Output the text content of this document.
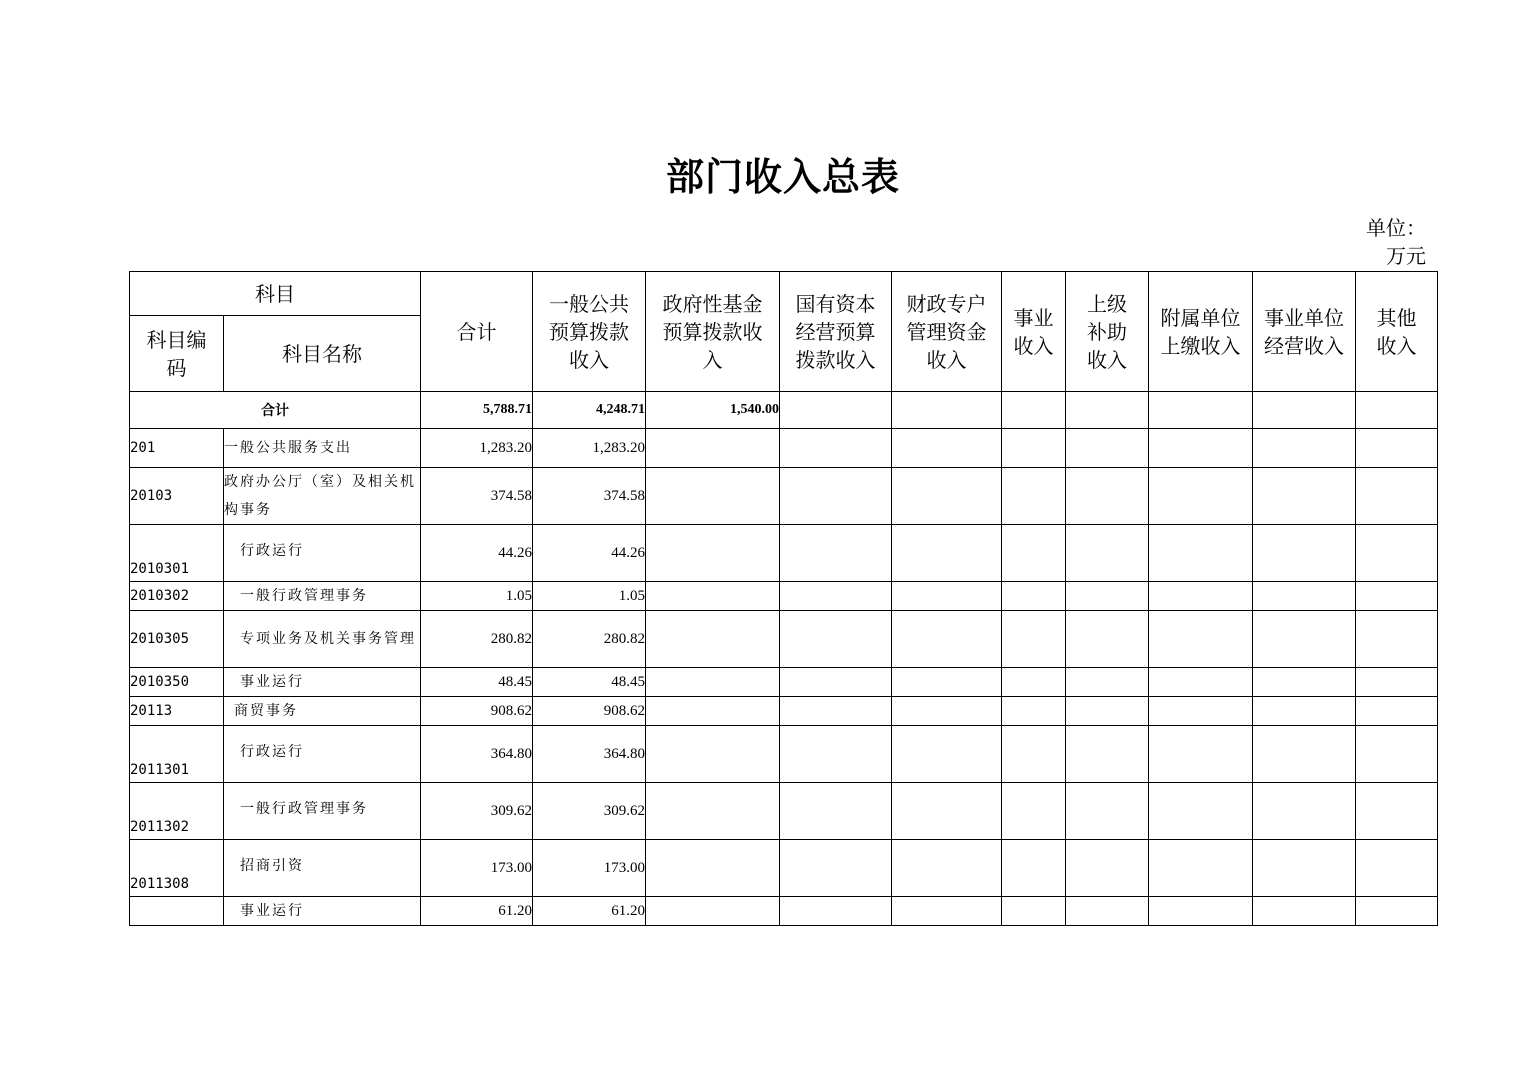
部门收入总表
单位：
万元
科目		合计	一般公共预算拨款收入	政府性基金预算拨款收入	国有资本经营预算拨款收入	财政专户管理资金收入	事业收入	上级补助收入	附属单位上缴收入	事业单位经营收入	其他收入
科目编码	科目名称										
合计		5,788.71	4,248.71	1,540.00							
201	一般公共服务支出	1,283.20	1,283.20								
20103	政府办公厅（室）及相关机构事务	374.58	374.58								
2010301	行政运行	44.26	44.26								
2010302	一般行政管理事务	1.05	1.05								
2010305	专项业务及机关事务管理	280.82	280.82								
2010350	事业运行	48.45	48.45								
20113	商贸事务	908.62	908.62								
2011301	行政运行	364.80	364.80								
2011302	一般行政管理事务	309.62	309.62								
2011308	招商引资	173.00	173.00								
	事业运行	61.20	61.20								
